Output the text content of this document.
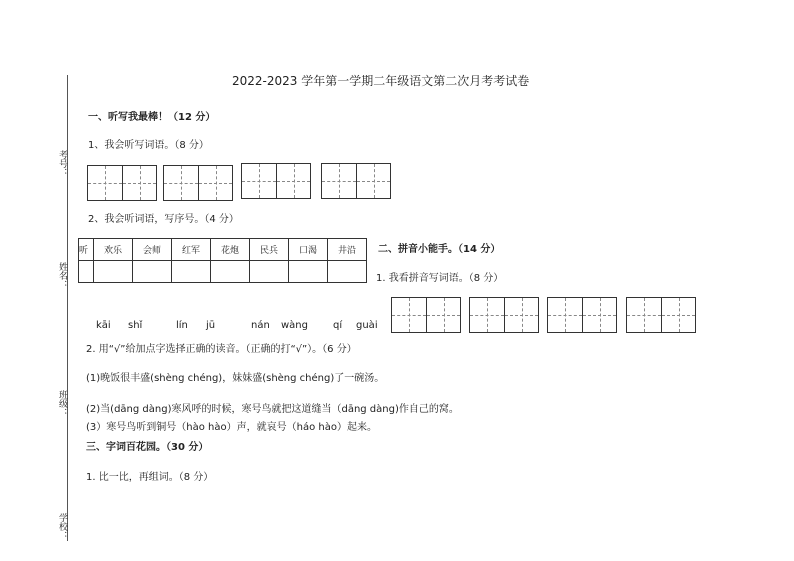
考号：
姓名：
班级：
学校：
2022-2023 学年第一学期二年级语文第二次月考考试卷
一、听写我最棒！（12 分）
1、我会听写词语。（8 分）
2、我会听词语，写序号。（4 分）
听	欢乐	会师	红军	花炮	民兵	口渴	井沿
							二、拼音小能手。（14 分）
1. 我看拼音写词语。（8 分）
kāi shǐ	lín jū	nán wàng	qí guài
2. 用“√”给加点字选择正确的读音。（正确的打“√”）。（6 分）
(1)晚饭很丰盛(shèng chéng)，妹妹盛(shèng chéng)了一碗汤。
(2)当(dāng dàng)寒风呼的时候，寒号鸟就把这道缝当（dāng dàng)作自己的窝。
(3）寒号鸟听到铜号（hào hào）声，就哀号（háo hào）起来。
三、字词百花园。（30 分）
1. 比一比，再组词。（8 分）
